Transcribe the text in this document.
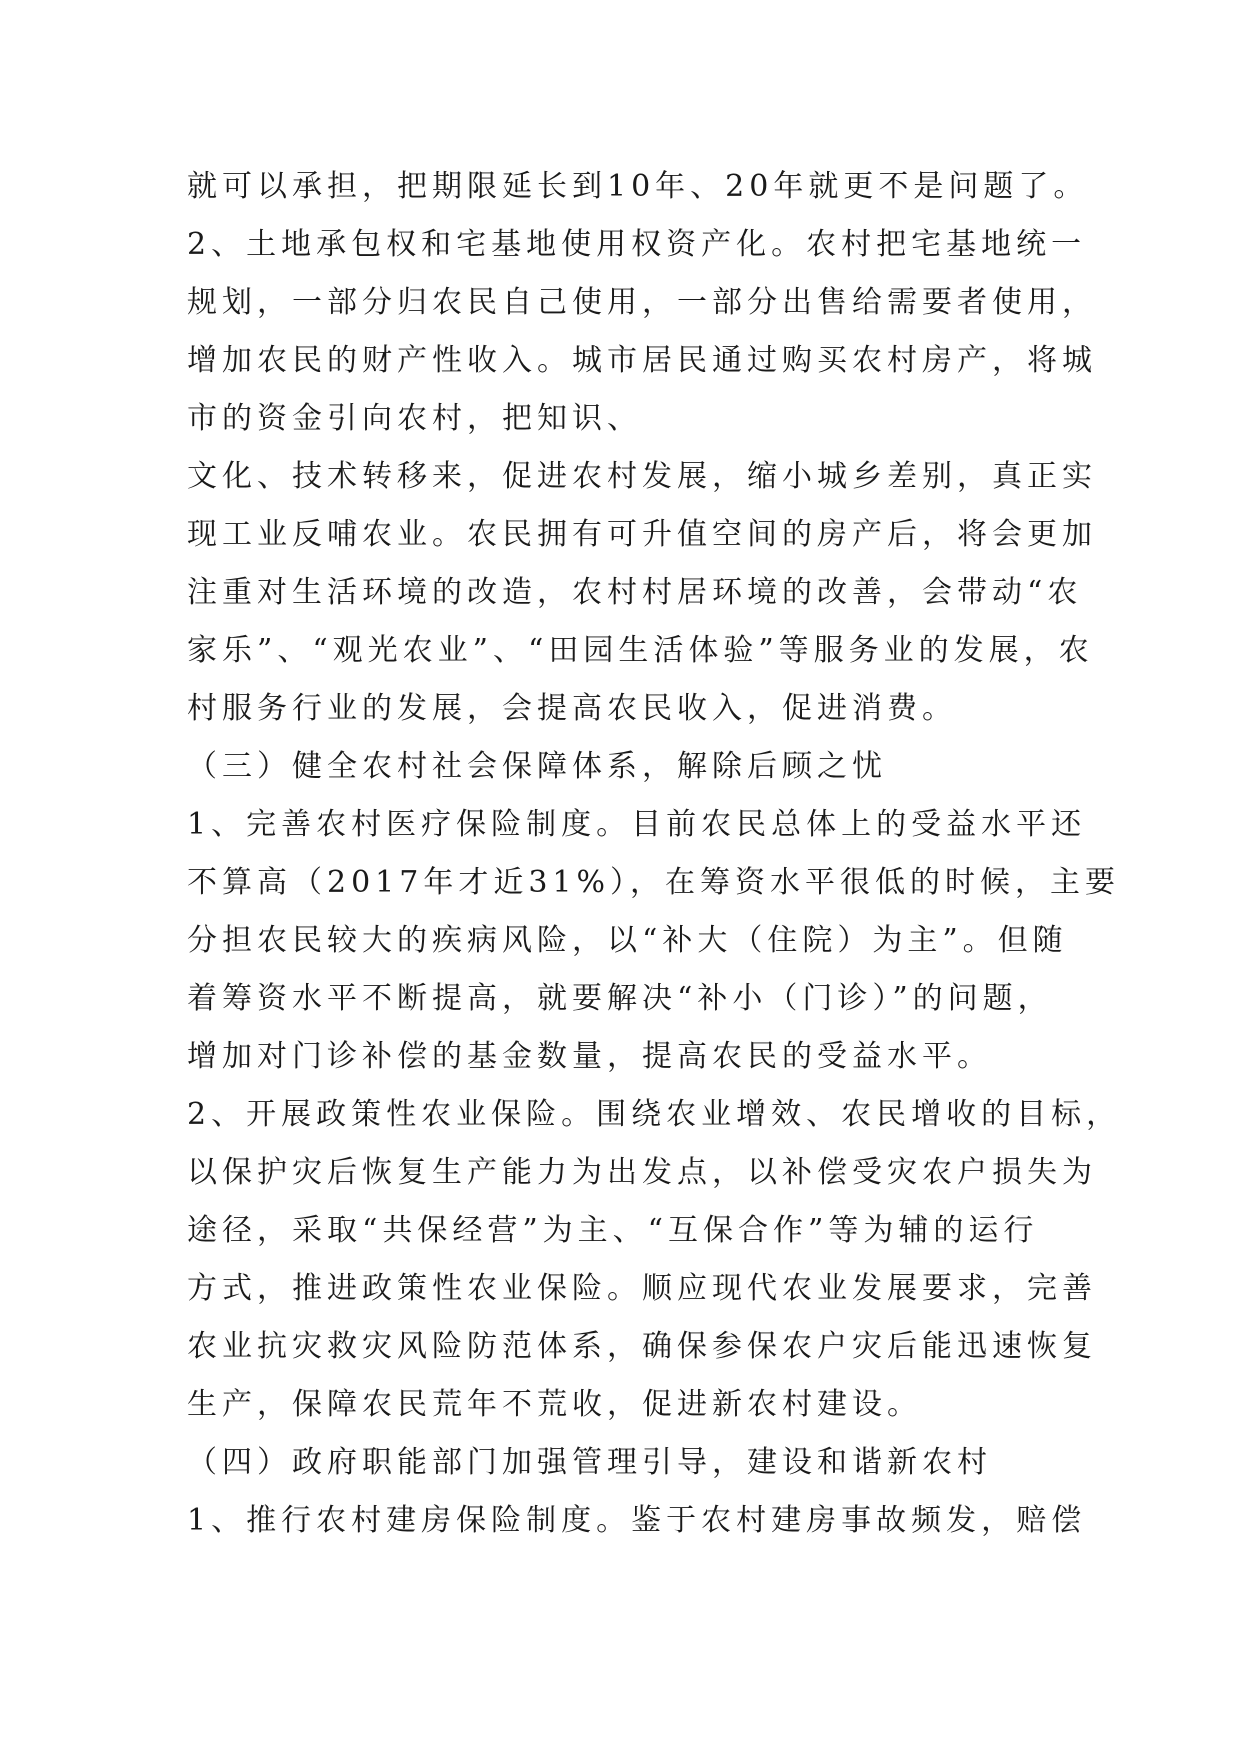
就可以承担，把期限延长到10年、20年就更不是问题了。
2、土地承包权和宅基地使用权资产化。农村把宅基地统一
规划，一部分归农民自己使用，一部分出售给需要者使用，
增加农民的财产性收入。城市居民通过购买农村房产，将城
市的资金引向农村，把知识、
文化、技术转移来，促进农村发展，缩小城乡差别，真正实
现工业反哺农业。农民拥有可升值空间的房产后，将会更加
注重对生活环境的改造，农村村居环境的改善，会带动“农
家乐”、“观光农业”、“田园生活体验”等服务业的发展，农
村服务行业的发展，会提高农民收入，促进消费。
（三）健全农村社会保障体系，解除后顾之忧
1、完善农村医疗保险制度。目前农民总体上的受益水平还
不算高（2017年才近31%），在筹资水平很低的时候，主要
分担农民较大的疾病风险，以“补大（住院）为主”。但随
着筹资水平不断提高，就要解决“补小（门诊）”的问题，
增加对门诊补偿的基金数量，提高农民的受益水平。
2、开展政策性农业保险。围绕农业增效、农民增收的目标，
以保护灾后恢复生产能力为出发点，以补偿受灾农户损失为
途径，采取“共保经营”为主、“互保合作”等为辅的运行
方式，推进政策性农业保险。顺应现代农业发展要求，完善
农业抗灾救灾风险防范体系，确保参保农户灾后能迅速恢复
生产，保障农民荒年不荒收，促进新农村建设。
（四）政府职能部门加强管理引导，建设和谐新农村
1、推行农村建房保险制度。鉴于农村建房事故频发，赔偿
